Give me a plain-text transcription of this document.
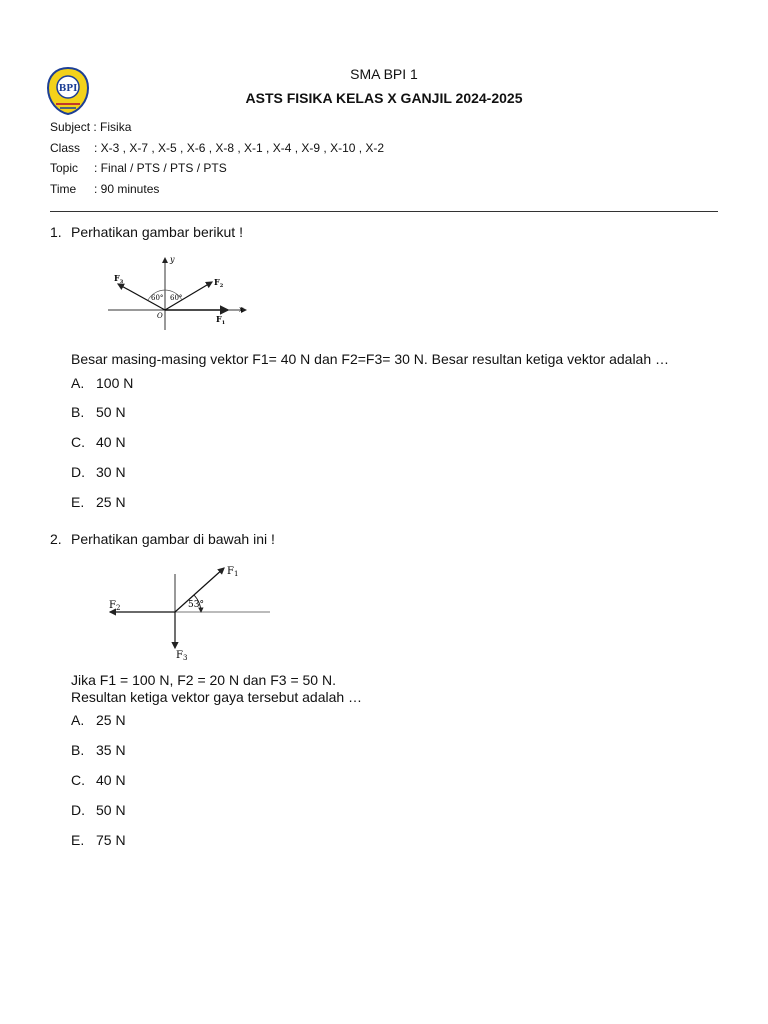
BPI
SMA BPI 1
ASTS FISIKA KELAS X GANJIL 2024-2025
Subject : Fisika
Class : X-3 , X-7 , X-5 , X-6 , X-8 , X-1 , X-4 , X-9 , X-10 , X-2
Topic : Final / PTS / PTS / PTS
Time : 90 minutes
1. Perhatikan gambar berikut !
60° 60°
y
x
O	$F_1$
$F_2$
$F_3$
Besar masing-masing vektor F1= 40 N dan F2=F3= 30 N. Besar resultan ketiga vektor adalah …
A. 100 N
B. 50 N
C. 40 N
D. 30 N
E. 25 N
2. Perhatikan gambar di bawah ini !
53°
$F_1$
$F_2$
$F_3$
Jika F1 = 100 N, F2 = 20 N dan F3 = 50 N.
Resultan ketiga vektor gaya tersebut adalah …
A. 25 N
B. 35 N
C. 40 N
D. 50 N
E. 75 N
